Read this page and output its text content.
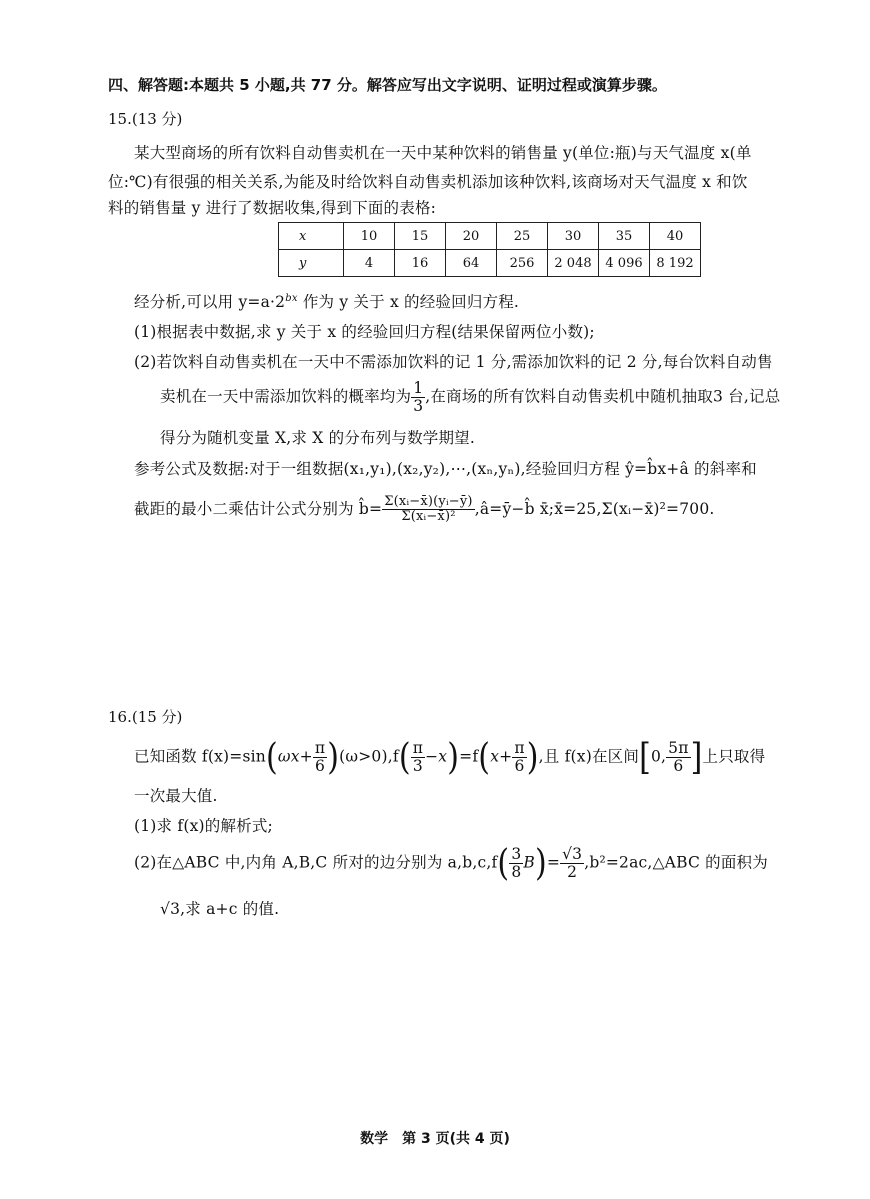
四、解答题:本题共 5 小题,共 77 分。解答应写出文字说明、证明过程或演算步骤。
15.(13 分)
某大型商场的所有饮料自动售卖机在一天中某种饮料的销售量 y(单位:瓶)与天气温度 x(单
位:℃)有很强的相关关系,为能及时给饮料自动售卖机添加该种饮料,该商场对天气温度 x 和饮
料的销售量 y 进行了数据收集,得到下面的表格:
x	10	15	20	25	30	35	40
y	4	16	64	256	2 048	4 096	8 192
经分析,可以用 $y=a\cdot 2^{bx}$ 作为 y 关于 x 的经验回归方程.
(1)根据表中数据,求 y 关于 x 的经验回归方程(结果保留两位小数);
(2)若饮料自动售卖机在一天中不需添加饮料的记 1 分,需添加饮料的记 2 分,每台饮料自动售
卖机在一天中需添加饮料的概率均为 $\frac{1}{3}$ ,在商场的所有饮料自动售卖机中随机抽取3 台,记总
得分为随机变量 X,求 X 的分布列与数学期望.
参考公式及数据:对于一组数据(x₁,y₁),(x₂,y₂),⋯,(xₙ,yₙ),经验回归方程 ŷ=b̂x+â 的斜率和
截距的最小二乘估计公式分别为 b̂= $\frac{\text{Σ(xᵢ−x̄)(yᵢ−ȳ)}}{\text{Σ(xᵢ−x̄)²}}$ ,â=ȳ−b̂ x̄;x̄=25,Σ(xᵢ−x̄)²=700.
16.(15 分)
已知函数 $f(x)=\sin(\omega x+ \frac{\pi}{6} )(\omega>0),f( \frac{\pi}{3} -x)=f(x+ \frac{\pi}{6}$ ),且 f(x)在区间[0, $\frac{5\pi}{6}$ ]上只取得
一次最大值.
(1)求 f(x)的解析式;
(2)在△ABC 中,内角 A,B,C 所对的边分别为 $a,b,c,f( \frac{3}{8} B)= \frac{√3}{2}$ ,b²=2ac,△ABC 的面积为
√3,求 a+c 的值.
数学　第 3 页(共 4 页)
